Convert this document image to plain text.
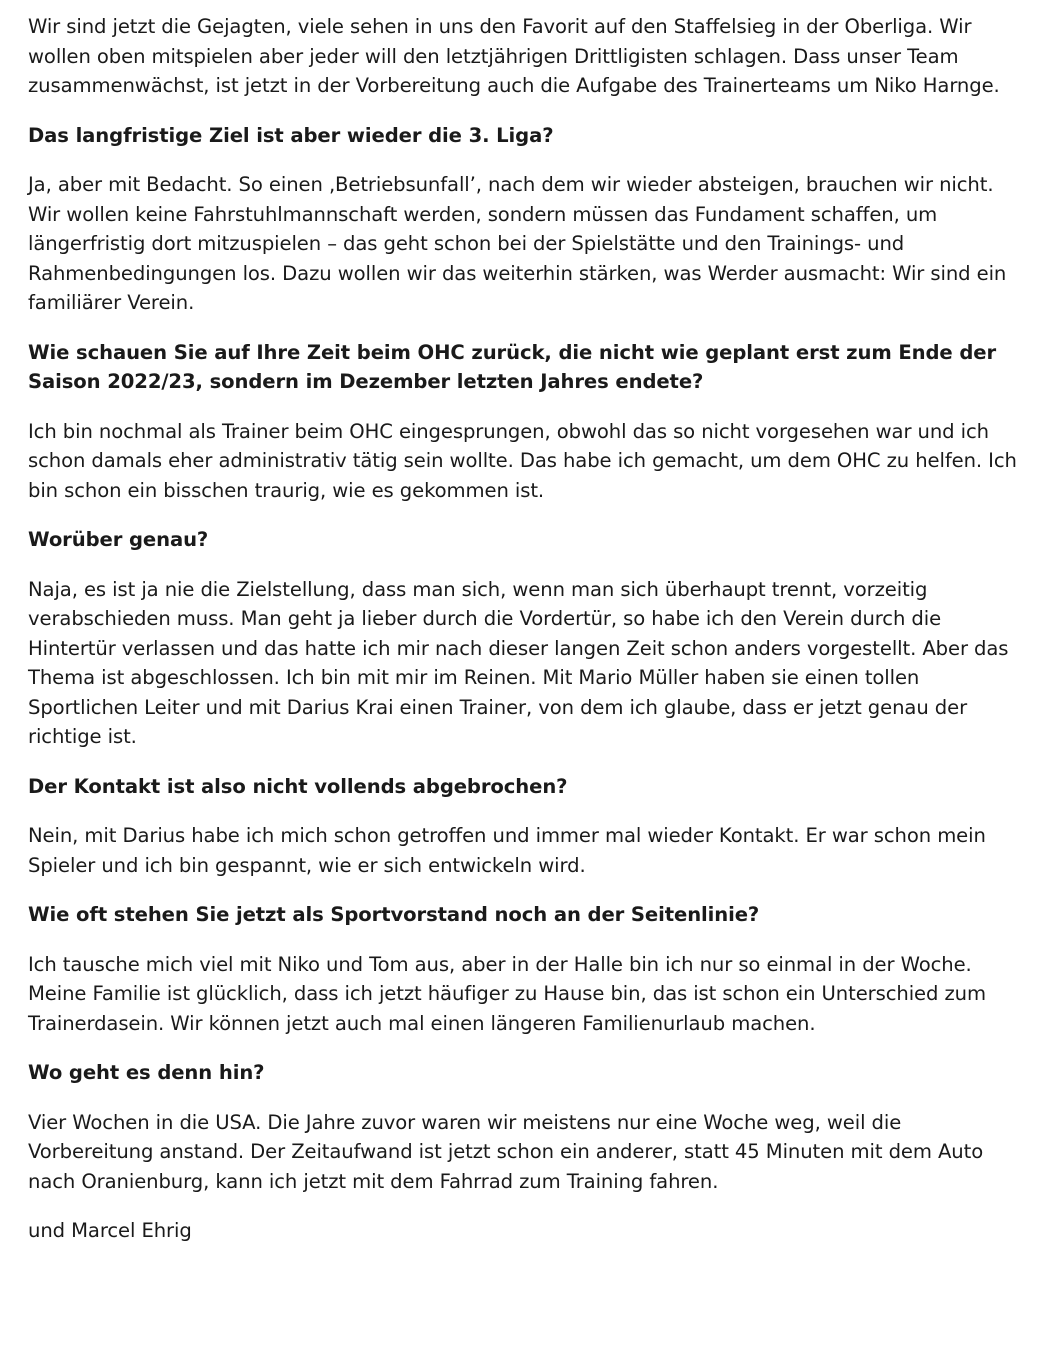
Wir sind jetzt die Gejagten, viele sehen in uns den Favorit auf den Staffelsieg in der Oberliga. Wir wollen oben mitspielen aber jeder will den letztjährigen Drittligisten schlagen. Dass unser Team zusammenwächst, ist jetzt in der Vorbereitung auch die Aufgabe des Trainerteams um Niko Harnge.

Das langfristige Ziel ist aber wieder die 3. Liga?

Ja, aber mit Bedacht. So einen ‚Betriebsunfall’, nach dem wir wieder absteigen, brauchen wir nicht. Wir wollen keine Fahrstuhlmannschaft werden, sondern müssen das Fundament schaffen, um längerfristig dort mitzuspielen – das geht schon bei der Spielstätte und den Trainings- und Rahmenbedingungen los. Dazu wollen wir das weiterhin stärken, was Werder ausmacht: Wir sind ein familiärer Verein.

Wie schauen Sie auf Ihre Zeit beim OHC zurück, die nicht wie geplant erst zum Ende der Saison 2022/23, sondern im Dezember letzten Jahres endete?

Ich bin nochmal als Trainer beim OHC eingesprungen, obwohl das so nicht vorgesehen war und ich schon damals eher administrativ tätig sein wollte. Das habe ich gemacht, um dem OHC zu helfen. Ich bin schon ein bisschen traurig, wie es gekommen ist.

Worüber genau?

Naja, es ist ja nie die Zielstellung, dass man sich, wenn man sich überhaupt trennt, vorzeitig verabschieden muss. Man geht ja lieber durch die Vordertür, so habe ich den Verein durch die Hintertür verlassen und das hatte ich mir nach dieser langen Zeit schon anders vorgestellt. Aber das Thema ist abgeschlossen. Ich bin mit mir im Reinen. Mit Mario Müller haben sie einen tollen Sportlichen Leiter und mit Darius Krai einen Trainer, von dem ich glaube, dass er jetzt genau der richtige ist.

Der Kontakt ist also nicht vollends abgebrochen?

Nein, mit Darius habe ich mich schon getroffen und immer mal wieder Kontakt. Er war schon mein Spieler und ich bin gespannt, wie er sich entwickeln wird.

Wie oft stehen Sie jetzt als Sportvorstand noch an der Seitenlinie?

Ich tausche mich viel mit Niko und Tom aus, aber in der Halle bin ich nur so einmal in der Woche. Meine Familie ist glücklich, dass ich jetzt häufiger zu Hause bin, das ist schon ein Unterschied zum Trainerdasein. Wir können jetzt auch mal einen längeren Familienurlaub machen.

Wo geht es denn hin?

Vier Wochen in die USA. Die Jahre zuvor waren wir meistens nur eine Woche weg, weil die Vorbereitung anstand. Der Zeitaufwand ist jetzt schon ein anderer, statt 45 Minuten mit dem Auto nach Oranienburg, kann ich jetzt mit dem Fahrrad zum Training fahren.

und Marcel Ehrig
